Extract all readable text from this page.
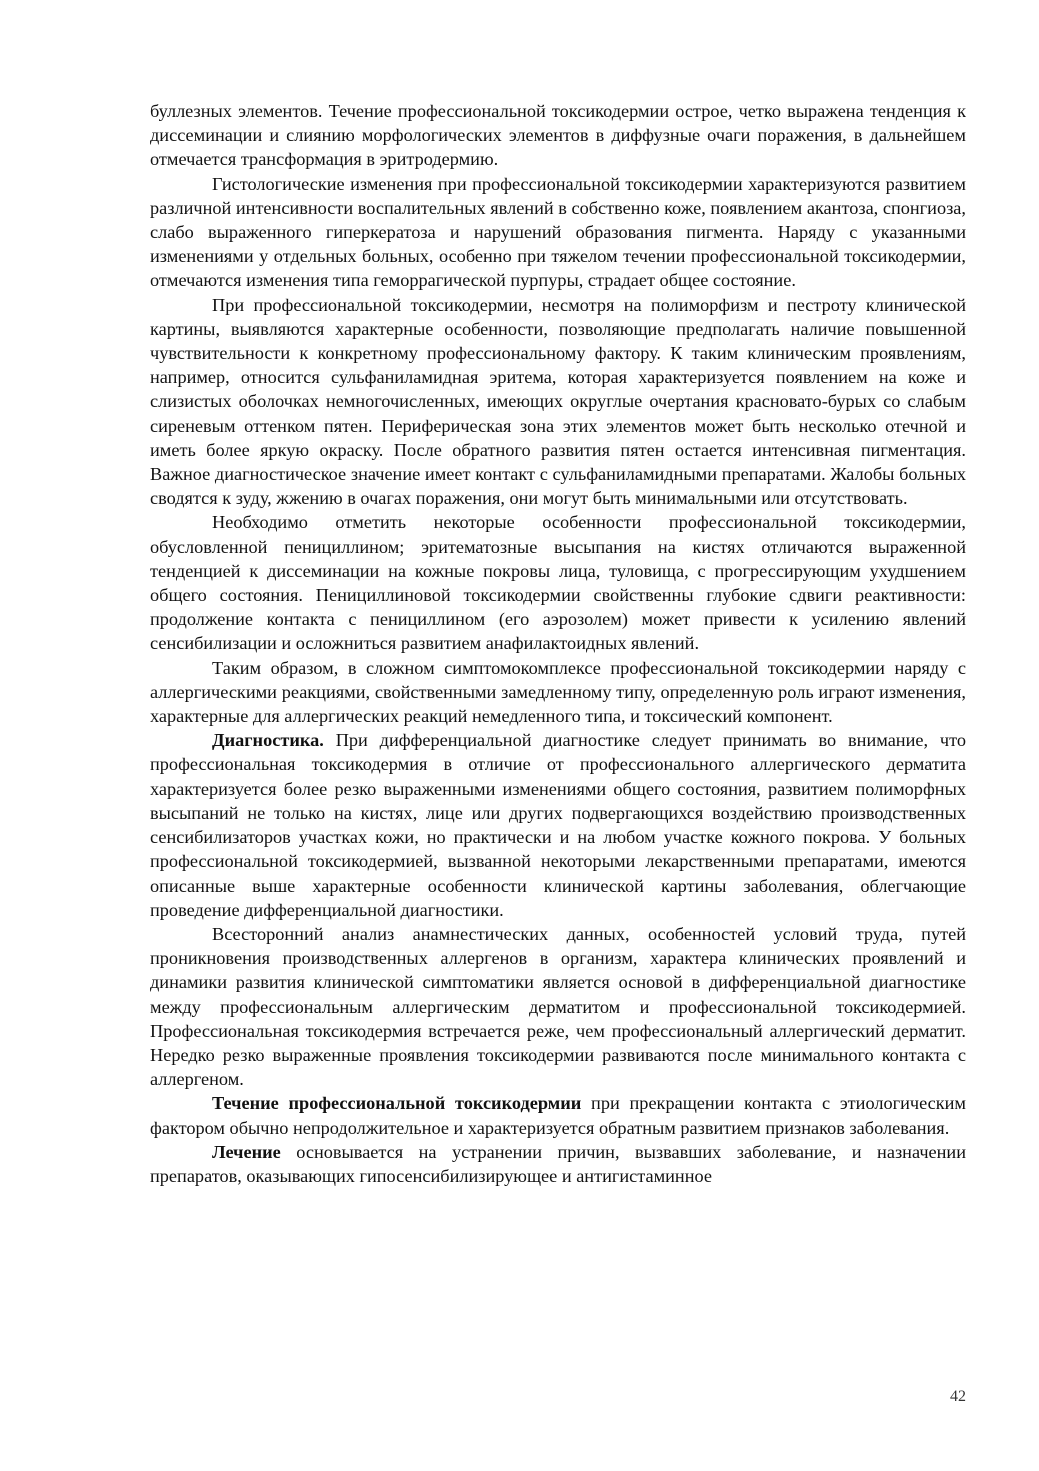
буллезных элементов. Течение профессиональной токсикодермии острое, четко выражена тенденция к диссеминации и слиянию морфологических элементов в диффузные очаги поражения, в дальнейшем отмечается трансформация в эритродермию.

Гистологические изменения при профессиональной токсикодермии характеризуются развитием различной интенсивности воспалительных явлений в собственно коже, появлением акантоза, спонгиоза, слабо выраженного гиперкератоза и нарушений образования пигмента. Наряду с указанными изменениями у отдельных больных, особенно при тяжелом течении профессиональной токсикодермии, отмечаются изменения типа геморрагической пурпуры, страдает общее состояние.

При профессиональной токсикодермии, несмотря на полиморфизм и пестроту клинической картины, выявляются характерные особенности, позволяющие предполагать наличие повышенной чувствительности к конкретному профессиональному фактору. К таким клиническим проявлениям, например, относится сульфаниламидная эритема, которая характеризуется появлением на коже и слизистых оболочках немногочисленных, имеющих округлые очертания красновато-бурых со слабым сиреневым оттенком пятен. Периферическая зона этих элементов может быть несколько отечной и иметь более яркую окраску. После обратного развития пятен остается интенсивная пигментация. Важное диагностическое значение имеет контакт с сульфаниламидными препаратами. Жалобы больных сводятся к зуду, жжению в очагах поражения, они могут быть минимальными или отсутствовать.

Необходимо отметить некоторые особенности профессиональной токсикодермии, обусловленной пенициллином; эритематозные высыпания на кистях отличаются выраженной тенденцией к диссеминации на кожные покровы лица, туловища, с прогрессирующим ухудшением общего состояния. Пенициллиновой токсикодермии свойственны глубокие сдвиги реактивности: продолжение контакта с пенициллином (его аэрозолем) может привести к усилению явлений сенсибилизации и осложниться развитием анафилактоидных явлений.

Таким образом, в сложном симптомокомплексе профессиональной токсикодермии наряду с аллергическими реакциями, свойственными замедленному типу, определенную роль играют изменения, характерные для аллергических реакций немедленного типа, и токсический компонент.

Диагностика. При дифференциальной диагностике следует принимать во внимание, что профессиональная токсикодермия в отличие от профессионального аллергического дерматита характеризуется более резко выраженными изменениями общего состояния, развитием полиморфных высыпаний не только на кистях, лице или других подвергающихся воздействию производственных сенсибилизаторов участках кожи, но практически и на любом участке кожного покрова. У больных профессиональной токсикодермией, вызванной некоторыми лекарственными препаратами, имеются описанные выше характерные особенности клинической картины заболевания, облегчающие проведение дифференциальной диагностики.

Всесторонний анализ анамнестических данных, особенностей условий труда, путей проникновения производственных аллергенов в организм, характера клинических проявлений и динамики развития клинической симптоматики является основой в дифференциальной диагностике между профессиональным аллергическим дерматитом и профессиональной токсикодермией. Профессиональная токсикодермия встречается реже, чем профессиональный аллергический дерматит. Нередко резко выраженные проявления токсикодермии развиваются после минимального контакта с аллергеном.

Течение профессиональной токсикодермии при прекращении контакта с этиологическим фактором обычно непродолжительное и характеризуется обратным развитием признаков заболевания.

Лечение основывается на устранении причин, вызвавших заболевание, и назначении препаратов, оказывающих гипосенсибилизирующее и антигистаминное

42
